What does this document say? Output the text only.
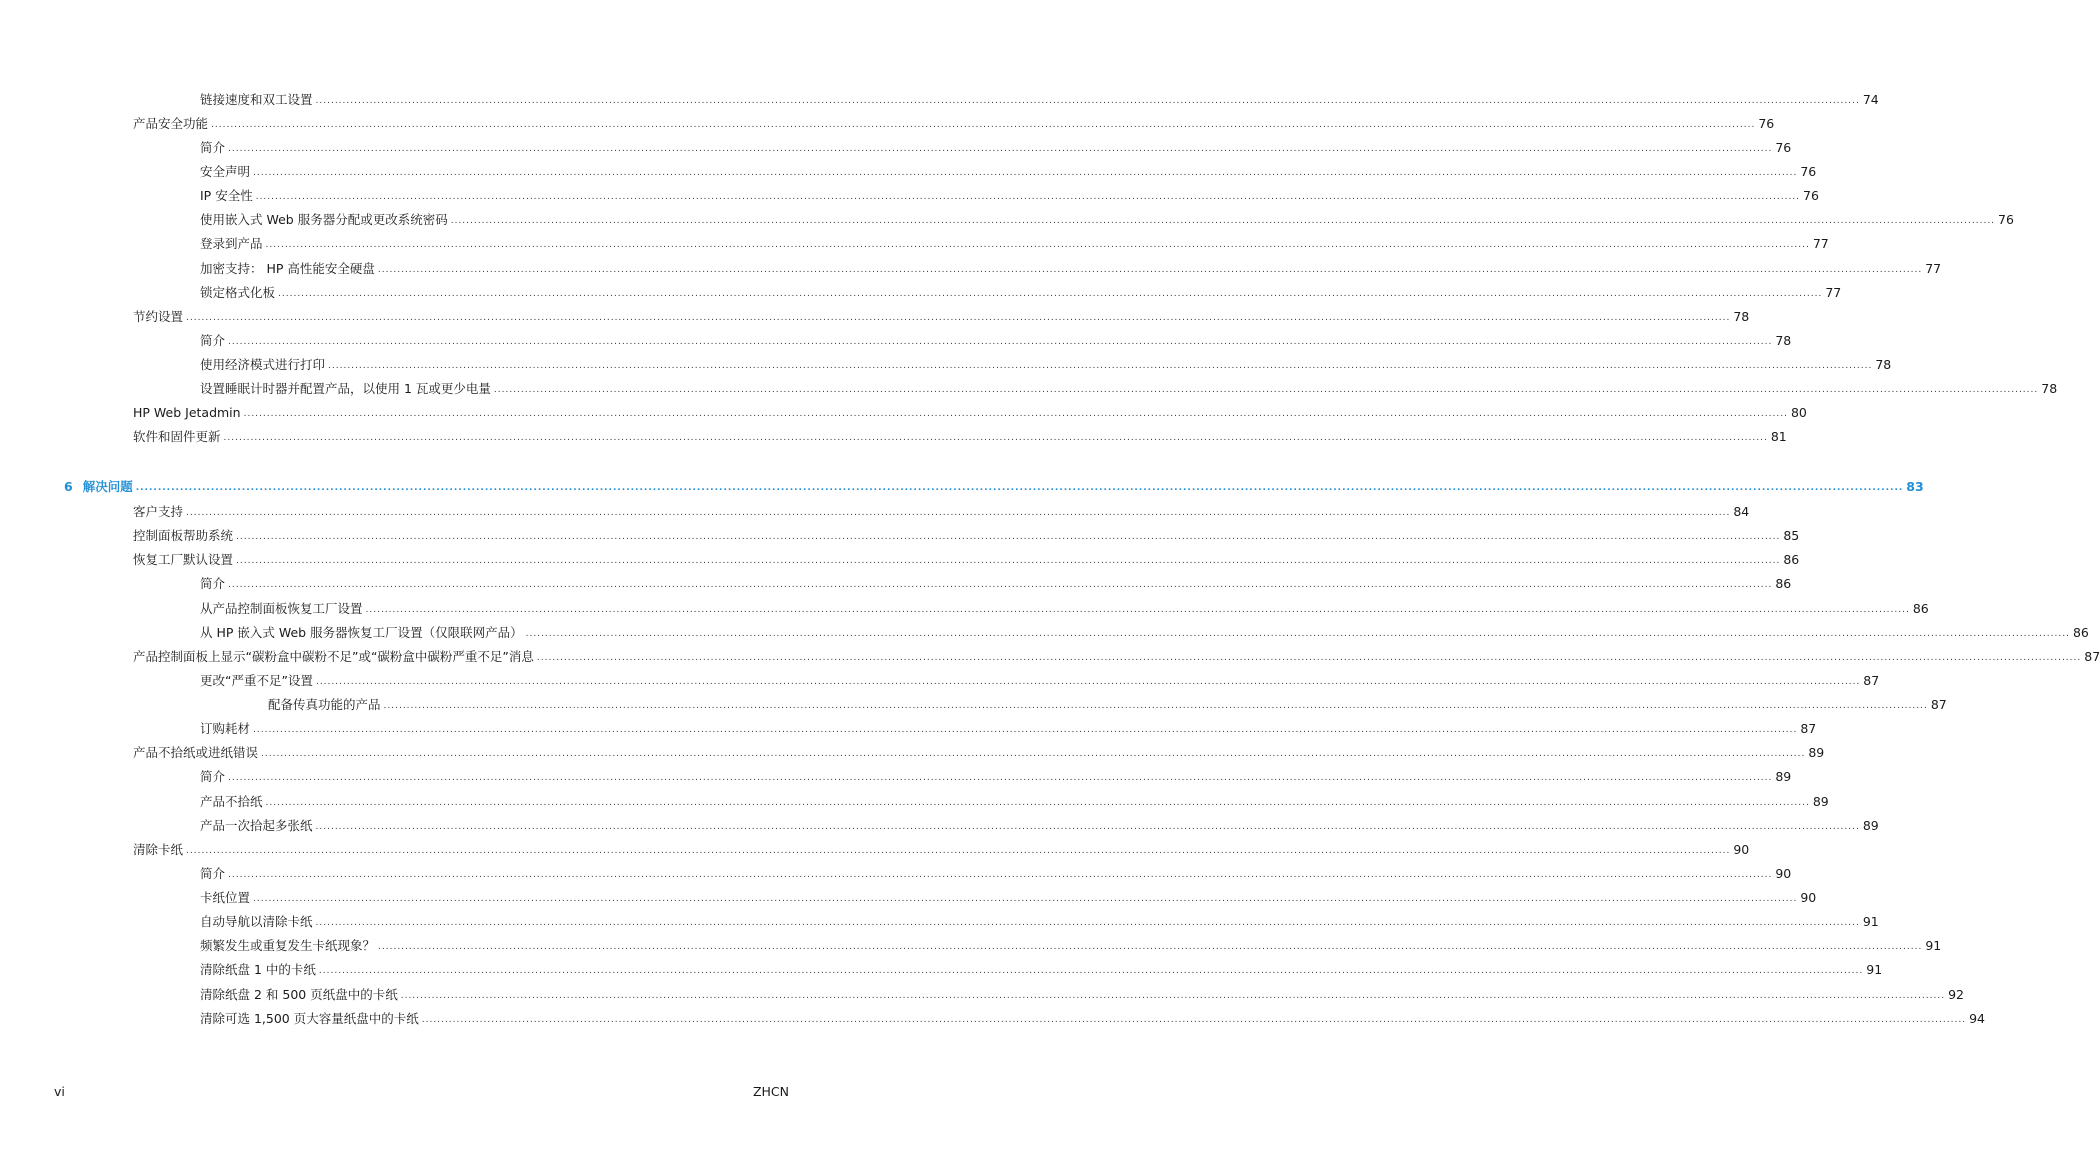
链接速度和双工设置 ................................................................................................................................................................................................................................................................................................................................................................................................................ 74
产品安全功能 ................................................................................................................................................................................................................................................................................................................................................................................................................ 76
简介 ................................................................................................................................................................................................................................................................................................................................................................................................................ 76
安全声明 ................................................................................................................................................................................................................................................................................................................................................................................................................ 76
IP 安全性 ................................................................................................................................................................................................................................................................................................................................................................................................................ 76
使用嵌入式 Web 服务器分配或更改系统密码 ................................................................................................................................................................................................................................................................................................................................................................................................................ 76
登录到产品 ................................................................................................................................................................................................................................................................................................................................................................................................................ 77
加密支持： HP 高性能安全硬盘 ................................................................................................................................................................................................................................................................................................................................................................................................................ 77
锁定格式化板 ................................................................................................................................................................................................................................................................................................................................................................................................................ 77
节约设置 ................................................................................................................................................................................................................................................................................................................................................................................................................ 78
简介 ................................................................................................................................................................................................................................................................................................................................................................................................................ 78
使用经济模式进行打印 ................................................................................................................................................................................................................................................................................................................................................................................................................ 78
设置睡眠计时器并配置产品，以使用 1 瓦或更少电量 ................................................................................................................................................................................................................................................................................................................................................................................................................ 78
HP Web Jetadmin ................................................................................................................................................................................................................................................................................................................................................................................................................ 80
软件和固件更新 ................................................................................................................................................................................................................................................................................................................................................................................................................ 81
6 解决问题 ................................................................................................................................................................................................................................................................................................................................................................................................................ 83
客户支持 ................................................................................................................................................................................................................................................................................................................................................................................................................ 84
控制面板帮助系统 ................................................................................................................................................................................................................................................................................................................................................................................................................ 85
恢复工厂默认设置 ................................................................................................................................................................................................................................................................................................................................................................................................................ 86
简介 ................................................................................................................................................................................................................................................................................................................................................................................................................ 86
从产品控制面板恢复工厂设置 ................................................................................................................................................................................................................................................................................................................................................................................................................ 86
从 HP 嵌入式 Web 服务器恢复工厂设置（仅限联网产品） ................................................................................................................................................................................................................................................................................................................................................................................................................ 86
产品控制面板上显示“碳粉盒中碳粉不足”或“碳粉盒中碳粉严重不足”消息 ................................................................................................................................................................................................................................................................................................................................................................................................................ 87
更改“严重不足”设置 ................................................................................................................................................................................................................................................................................................................................................................................................................ 87
配备传真功能的产品 ................................................................................................................................................................................................................................................................................................................................................................................................................ 87
订购耗材 ................................................................................................................................................................................................................................................................................................................................................................................................................ 87
产品不拾纸或进纸错误 ................................................................................................................................................................................................................................................................................................................................................................................................................ 89
简介 ................................................................................................................................................................................................................................................................................................................................................................................................................ 89
产品不拾纸 ................................................................................................................................................................................................................................................................................................................................................................................................................ 89
产品一次拾起多张纸 ................................................................................................................................................................................................................................................................................................................................................................................................................ 89
清除卡纸 ................................................................................................................................................................................................................................................................................................................................................................................................................ 90
简介 ................................................................................................................................................................................................................................................................................................................................................................................................................ 90
卡纸位置 ................................................................................................................................................................................................................................................................................................................................................................................................................ 90
自动导航以清除卡纸 ................................................................................................................................................................................................................................................................................................................................................................................................................ 91
频繁发生或重复发生卡纸现象？ ................................................................................................................................................................................................................................................................................................................................................................................................................ 91
清除纸盘 1 中的卡纸 ................................................................................................................................................................................................................................................................................................................................................................................................................ 91
清除纸盘 2 和 500 页纸盘中的卡纸 ................................................................................................................................................................................................................................................................................................................................................................................................................ 92
清除可选 1,500 页大容量纸盘中的卡纸 ................................................................................................................................................................................................................................................................................................................................................................................................................ 94
vi	ZHCN
